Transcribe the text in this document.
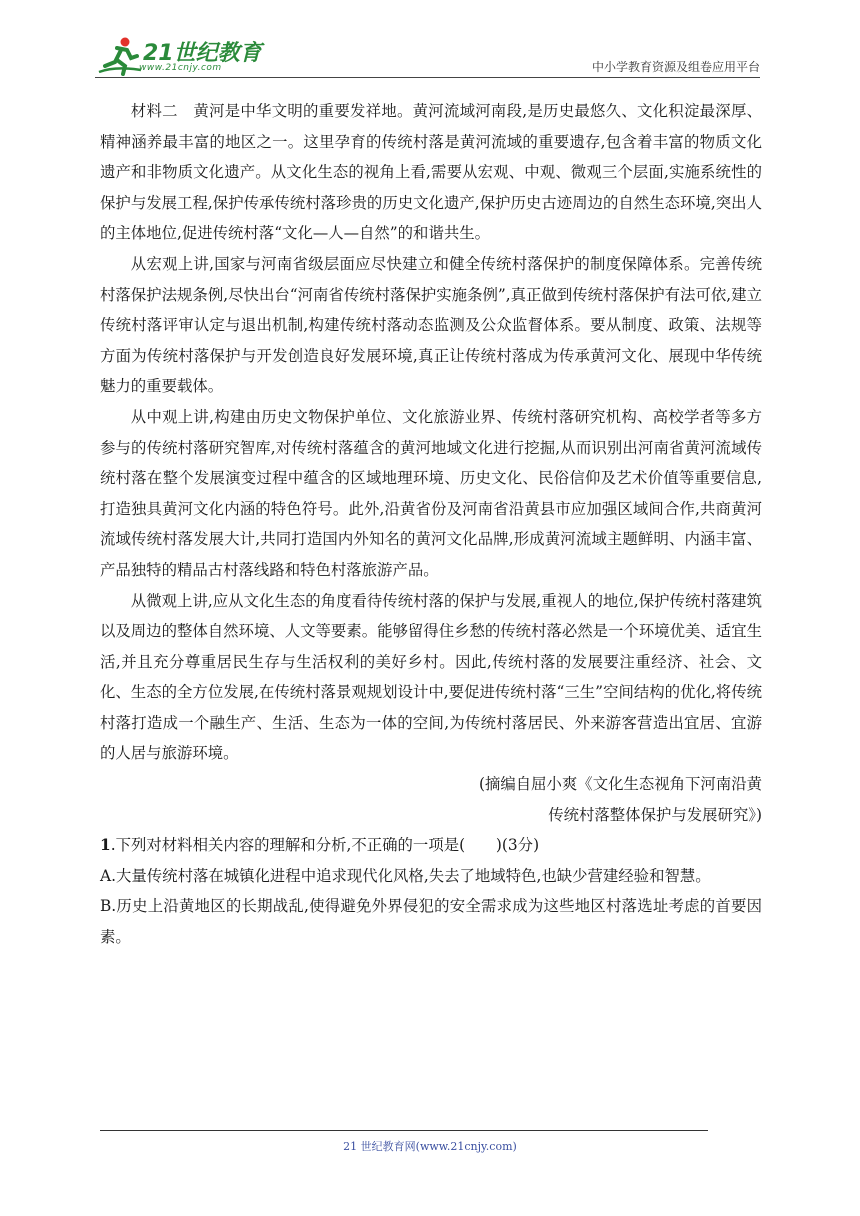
21世纪教育
www.21cnjy.com	中小学教育资源及组卷应用平台

材料二　黄河是中华文明的重要发祥地。黄河流域河南段,是历史最悠久、文化积淀最深厚、精神涵养最丰富的地区之一。这里孕育的传统村落是黄河流域的重要遗存,包含着丰富的物质文化遗产和非物质文化遗产。从文化生态的视角上看,需要从宏观、中观、微观三个层面,实施系统性的保护与发展工程,保护传承传统村落珍贵的历史文化遗产,保护历史古迹周边的自然生态环境,突出人的主体地位,促进传统村落“文化—人—自然”的和谐共生。

从宏观上讲,国家与河南省级层面应尽快建立和健全传统村落保护的制度保障体系。完善传统村落保护法规条例,尽快出台“河南省传统村落保护实施条例”,真正做到传统村落保护有法可依,建立传统村落评审认定与退出机制,构建传统村落动态监测及公众监督体系。要从制度、政策、法规等方面为传统村落保护与开发创造良好发展环境,真正让传统村落成为传承黄河文化、展现中华传统魅力的重要载体。

从中观上讲,构建由历史文物保护单位、文化旅游业界、传统村落研究机构、高校学者等多方参与的传统村落研究智库,对传统村落蕴含的黄河地域文化进行挖掘,从而识别出河南省黄河流域传统村落在整个发展演变过程中蕴含的区域地理环境、历史文化、民俗信仰及艺术价值等重要信息,打造独具黄河文化内涵的特色符号。此外,沿黄省份及河南省沿黄县市应加强区域间合作,共商黄河流域传统村落发展大计,共同打造国内外知名的黄河文化品牌,形成黄河流域主题鲜明、内涵丰富、产品独特的精品古村落线路和特色村落旅游产品。

从微观上讲,应从文化生态的角度看待传统村落的保护与发展,重视人的地位,保护传统村落建筑以及周边的整体自然环境、人文等要素。能够留得住乡愁的传统村落必然是一个环境优美、适宜生活,并且充分尊重居民生存与生活权利的美好乡村。因此,传统村落的发展要注重经济、社会、文化、生态的全方位发展,在传统村落景观规划设计中,要促进传统村落“三生”空间结构的优化,将传统村落打造成一个融生产、生活、生态为一体的空间,为传统村落居民、外来游客营造出宜居、宜游的人居与旅游环境。

(摘编自屈小爽《文化生态视角下河南沿黄

传统村落整体保护与发展研究》)

1.下列对材料相关内容的理解和分析,不正确的一项是(　　)(3分)

A.大量传统村落在城镇化进程中追求现代化风格,失去了地域特色,也缺少营建经验和智慧。

B.历史上沿黄地区的长期战乱,使得避免外界侵犯的安全需求成为这些地区村落选址考虑的首要因素。

21 世纪教育网(www.21cnjy.com)
